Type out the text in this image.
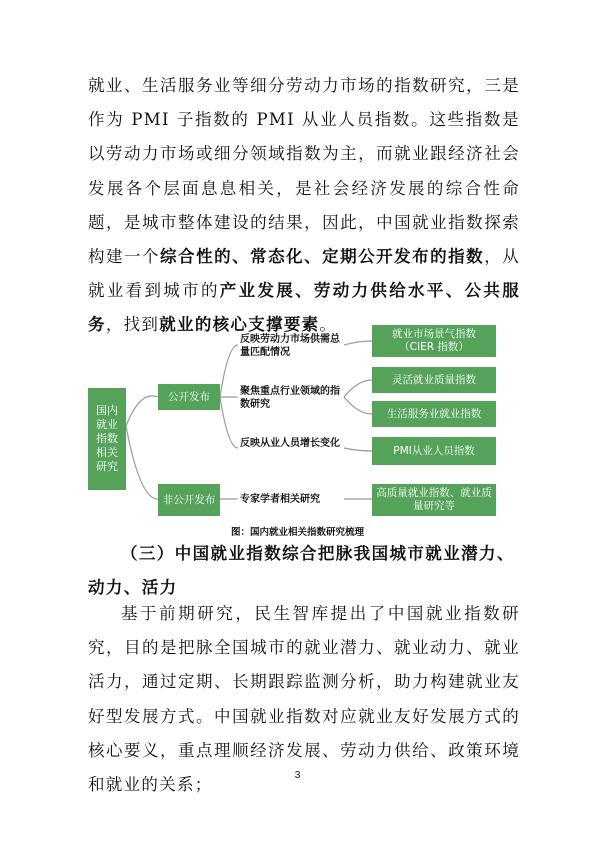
就业、生活服务业等细分劳动力市场的指数研究，三是作为 PMI 子指数的 PMI 从业人员指数。这些指数是以劳动力市场或细分领域指数为主，而就业跟经济社会发展各个层面息息相关，是社会经济发展的综合性命题，是城市整体建设的结果，因此，中国就业指数探索构建一个综合性的、常态化、定期公开发布的指数，从就业看到城市的产业发展、劳动力供给水平、公共服务，找到就业的核心支撑要素。

国内就业指数相关研究
公开发布
非公开发布
反映劳动力市场供需总量匹配情况
聚焦重点行业领域的指数研究
反映从业人员增长变化
专家学者相关研究
就业市场景气指数（CIER 指数）
灵活就业质量指数
生活服务业就业指数
PMI从业人员指数
高质量就业指数、就业质量研究等
图：国内就业相关指数研究梳理

（三）中国就业指数综合把脉我国城市就业潜力、动力、活力

基于前期研究，民生智库提出了中国就业指数研究，目的是把脉全国城市的就业潜力、就业动力、就业活力，通过定期、长期跟踪监测分析，助力构建就业友好型发展方式。中国就业指数对应就业友好发展方式的核心要义，重点理顺经济发展、劳动力供给、政策环境和就业的关系；	3
